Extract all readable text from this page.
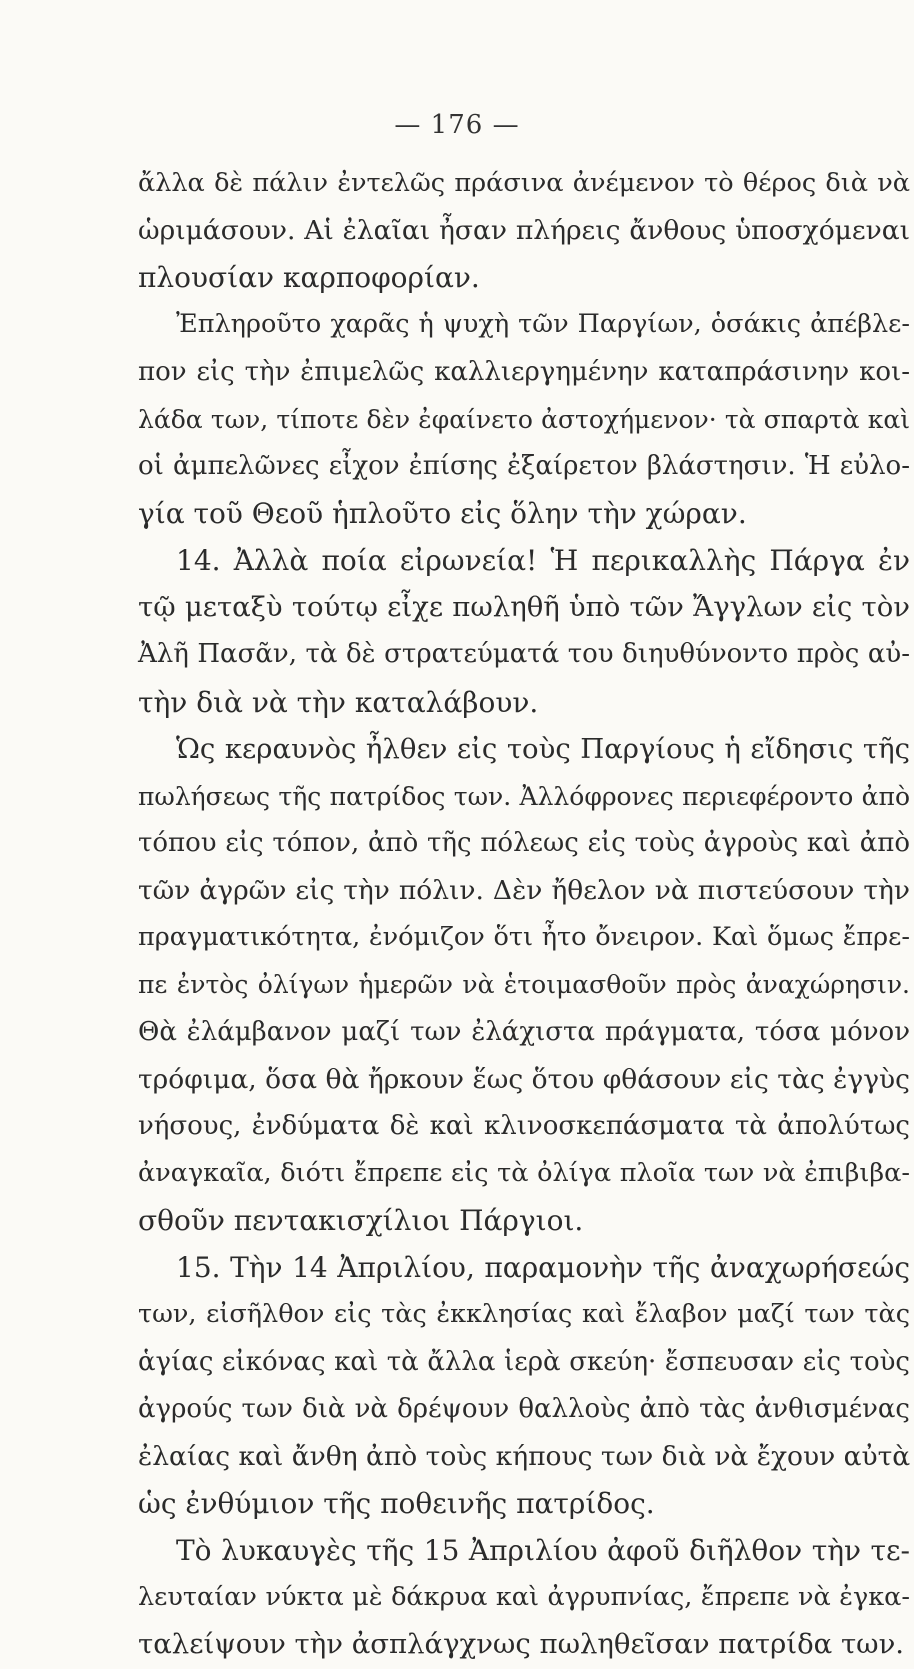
— 176 —
ἄλλα δὲ πάλιν ἐντελῶς πράσινα ἀνέμενον τὸ θέρος διὰ νὰ
ὡριμάσουν. Αἱ ἐλαῖαι ἦσαν πλήρεις ἄνθους ὑποσχόμεναι
πλουσίαν καρποφορίαν.
Ἐπληροῦτο χαρᾶς ἡ ψυχὴ τῶν Παργίων, ὁσάκις ἀπέβλε-
πον εἰς τὴν ἐπιμελῶς καλλιεργημένην καταπράσινην κοι-
λάδα των, τίποτε δὲν ἐφαίνετο ἀστοχήμενον· τὰ σπαρτὰ καὶ
οἱ ἀμπελῶνες εἶχον ἐπίσης ἐξαίρετον βλάστησιν. Ἡ εὐλο-
γία τοῦ Θεοῦ ἡπλοῦτο εἰς ὅλην τὴν χώραν.
14. Ἀλλὰ ποία εἰρωνεία! Ἡ περικαλλὴς Πάργα ἐν
τῷ μεταξὺ τούτῳ εἶχε πωληθῆ ὑπὸ τῶν Ἄγγλων εἰς τὸν
Ἀλῆ Πασᾶν, τὰ δὲ στρατεύματά του διηυθύνοντο πρὸς αὐ-
τὴν διὰ νὰ τὴν καταλάβουν.
Ὡς κεραυνὸς ἦλθεν εἰς τοὺς Παργίους ἡ εἴδησις τῆς
πωλήσεως τῆς πατρίδος των. Ἀλλόφρονες περιεφέροντο ἀπὸ
τόπου εἰς τόπον, ἀπὸ τῆς πόλεως εἰς τοὺς ἀγροὺς καὶ ἀπὸ
τῶν ἀγρῶν εἰς τὴν πόλιν. Δὲν ἤθελον νὰ πιστεύσουν τὴν
πραγματικότητα, ἐνόμιζον ὅτι ἦτο ὄνειρον. Καὶ ὅμως ἔπρε-
πε ἐντὸς ὀλίγων ἡμερῶν νὰ ἑτοιμασθοῦν πρὸς ἀναχώρησιν.
Θὰ ἐλάμβανον μαζί των ἐλάχιστα πράγματα, τόσα μόνον
τρόφιμα, ὅσα θὰ ἤρκουν ἕως ὅτου φθάσουν εἰς τὰς ἐγγὺς
νήσους, ἐνδύματα δὲ καὶ κλινοσκεπάσματα τὰ ἀπολύτως
ἀναγκαῖα, διότι ἔπρεπε εἰς τὰ ὀλίγα πλοῖα των νὰ ἐπιβιβα-
σθοῦν πεντακισχίλιοι Πάργιοι.
15. Τὴν 14 Ἀπριλίου, παραμονὴν τῆς ἀναχωρήσεώς
των, εἰσῆλθον εἰς τὰς ἐκκλησίας καὶ ἔλαβον μαζί των τὰς
ἁγίας εἰκόνας καὶ τὰ ἄλλα ἱερὰ σκεύη· ἔσπευσαν εἰς τοὺς
ἀγρούς των διὰ νὰ δρέψουν θαλλοὺς ἀπὸ τὰς ἀνθισμένας
ἐλαίας καὶ ἄνθη ἀπὸ τοὺς κήπους των διὰ νὰ ἔχουν αὐτὰ
ὡς ἐνθύμιον τῆς ποθεινῆς πατρίδος.
Τὸ λυκαυγὲς τῆς 15 Ἀπριλίου ἀφοῦ διῆλθον τὴν τε-
λευταίαν νύκτα μὲ δάκρυα καὶ ἀγρυπνίας, ἔπρεπε νὰ ἐγκα-
ταλείψουν τὴν ἀσπλάγχνως πωληθεῖσαν πατρίδα των.
